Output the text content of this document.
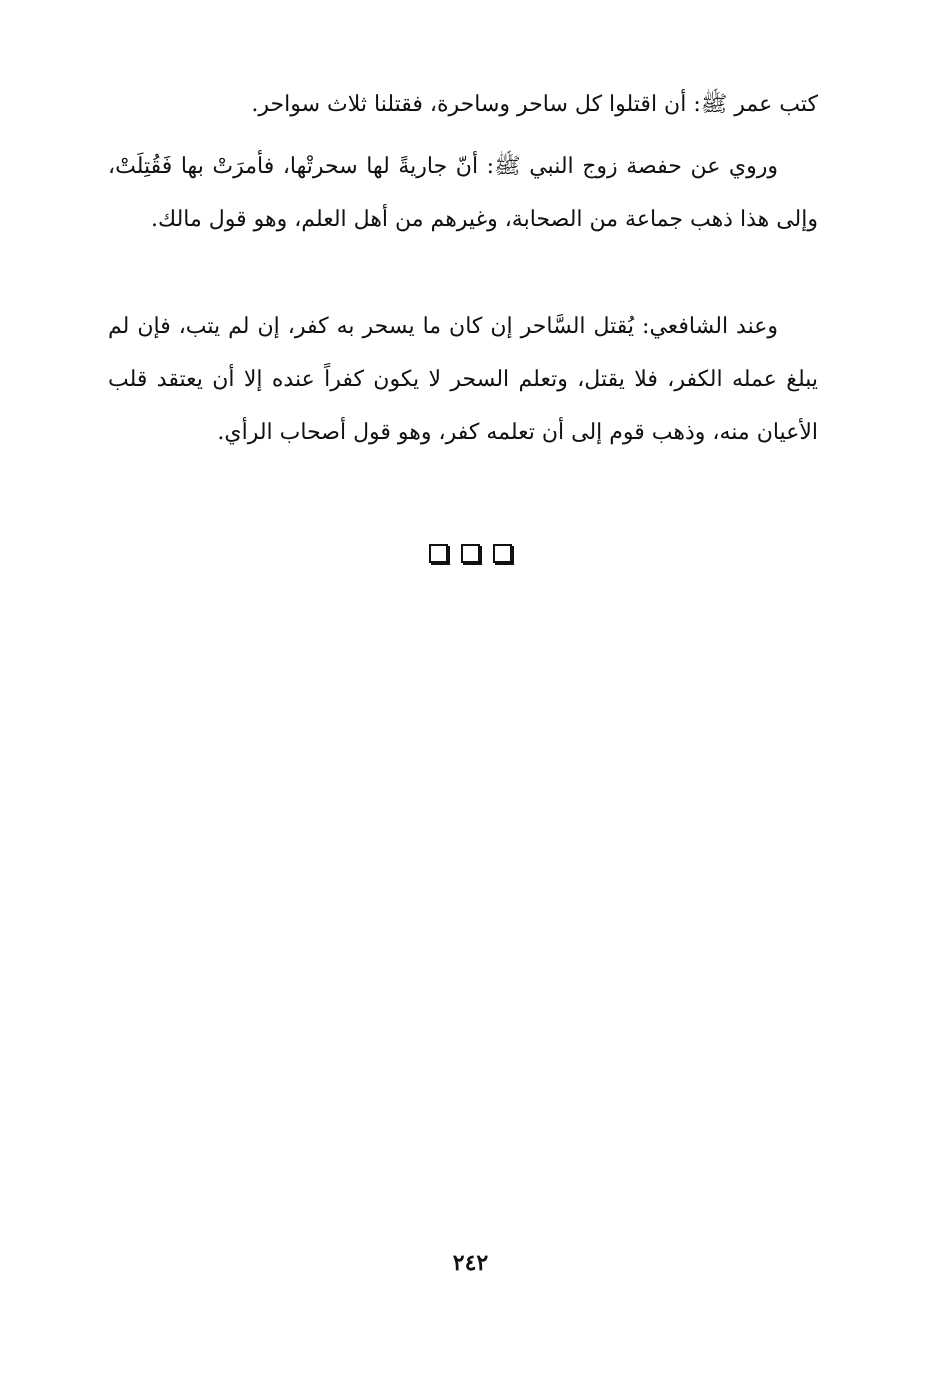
كتب عمر ﷺ: أن اقتلوا كل ساحر وساحرة، فقتلنا ثلاث سواحر.

وروي عن حفصة زوج النبي ﷺ: أنّ جاريةً لها سحرتْها، فأمرَتْ بها فَقُتِلَتْ، وإلى هذا ذهب جماعة من الصحابة، وغيرهم من أهل العلم، وهو قول مالك.

وعند الشافعي: يُقتل السَّاحر إن كان ما يسحر به كفر، إن لم يتب، فإن لم يبلغ عمله الكفر، فلا يقتل، وتعلم السحر لا يكون كفراً عنده إلا أن يعتقد قلب الأعيان منه، وذهب قوم إلى أن تعلمه كفر، وهو قول أصحاب الرأي.

٢٤٢
